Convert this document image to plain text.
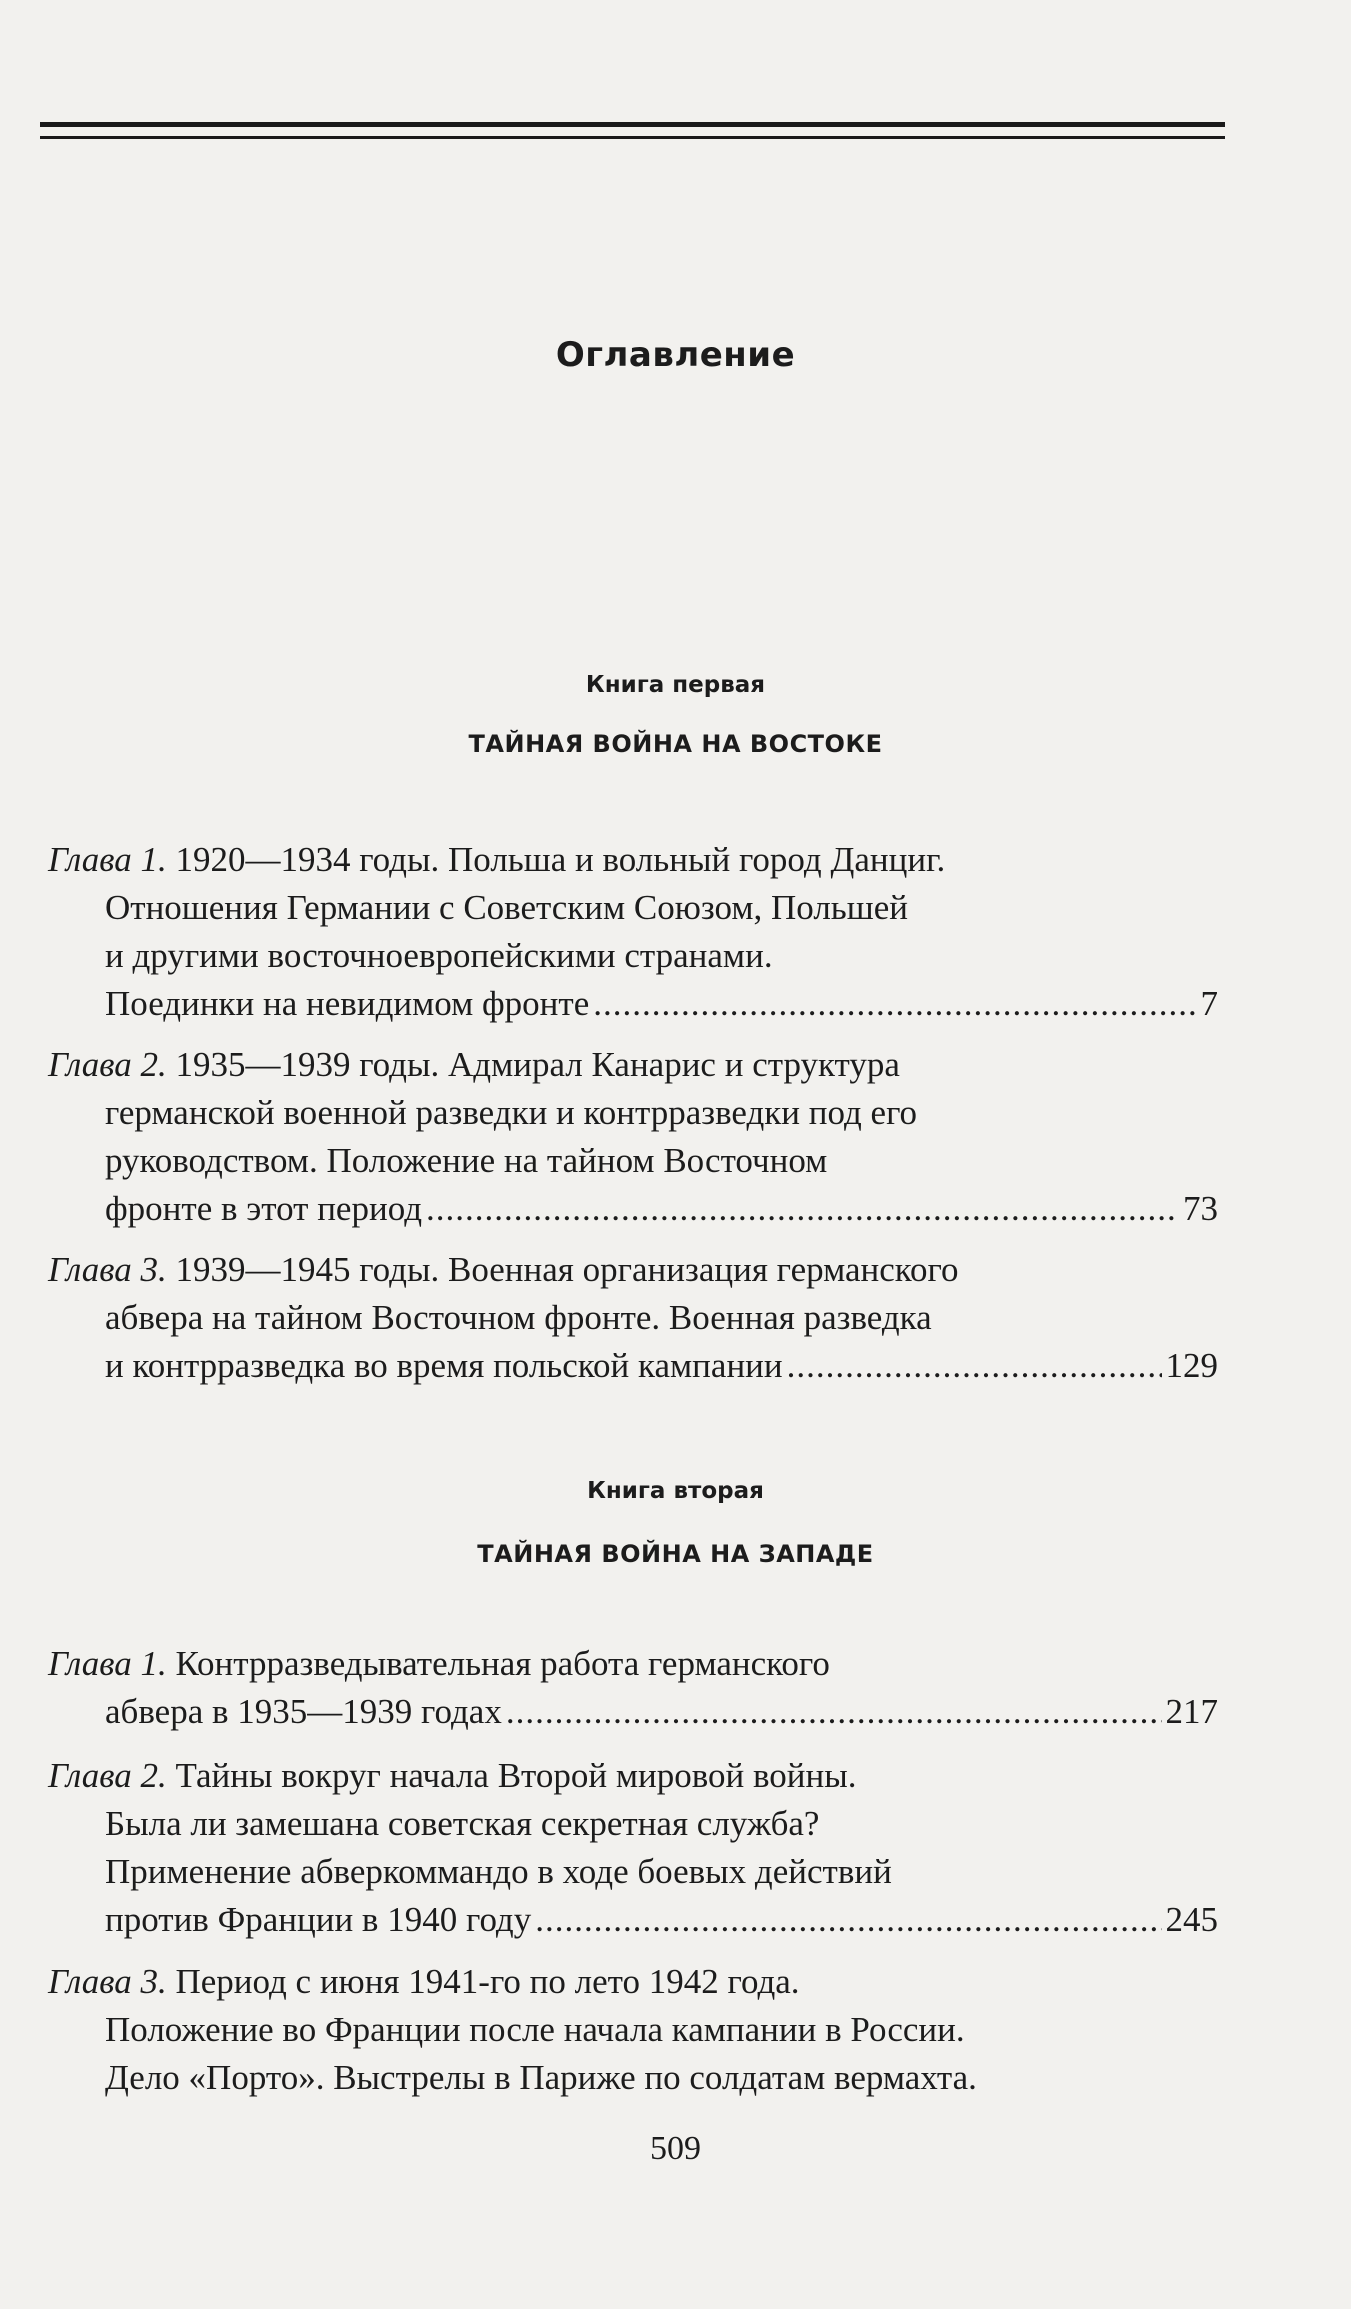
Оглавление
Книга первая
ТАЙНАЯ ВОЙНА НА ВОСТОКЕ
Глава 1. 1920—1934 годы. Польша и вольный город Данциг.
Отношения Германии с Советским Союзом, Польшей
и другими восточноевропейскими странами.
Поединки на невидимом фронте .....	7
Глава 2. 1935—1939 годы. Адмирал Канарис и структура
германской военной разведки и контрразведки под его
руководством. Положение на тайном Восточном
фронте в этот период .....	73
Глава 3. 1939—1945 годы. Военная организация германского
абвера на тайном Восточном фронте. Военная разведка
и контрразведка во время польской кампании .....	129
Книга вторая
ТАЙНАЯ ВОЙНА НА ЗАПАДЕ
Глава 1. Контрразведывательная работа германского
абвера в 1935—1939 годах .....	217
Глава 2. Тайны вокруг начала Второй мировой войны.
Была ли замешана советская секретная служба?
Применение абверкоммандо в ходе боевых действий
против Франции в 1940 году .....	245
Глава 3. Период с июня 1941-го по лето 1942 года.
Положение во Франции после начала кампании в России.
Дело «Порто». Выстрелы в Париже по солдатам вермахта.
509
